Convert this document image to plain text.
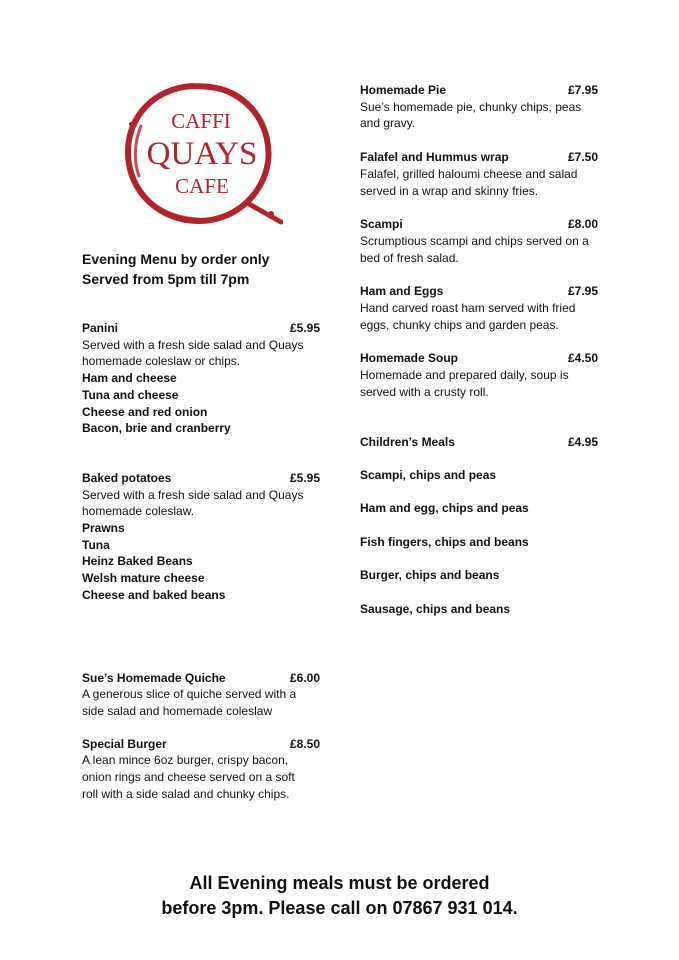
CAFFI
QUAYS
CAFE
Evening Menu by order only
Served from 5pm till 7pm
Panini	£5.95
Served with a fresh side salad and Quays
homemade coleslaw or chips.
Ham and cheese
Tuna and cheese
Cheese and red onion
Bacon, brie and cranberry
Baked potatoes	£5.95
Served with a fresh side salad and Quays
homemade coleslaw.
Prawns
Tuna
Heinz Baked Beans
Welsh mature cheese
Cheese and baked beans
Sue’s Homemade Quiche	£6.00
A generous slice of quiche served with a
side salad and homemade coleslaw
Special Burger	£8.50
A lean mince 6oz burger, crispy bacon,
onion rings and cheese served on a soft
roll with a side salad and chunky chips.
Homemade Pie	£7.95
Sue’s homemade pie, chunky chips, peas
and gravy.
Falafel and Hummus wrap	£7.50
Falafel, grilled haloumi cheese and salad
served in a wrap and skinny fries.
Scampi	£8.00
Scrumptious scampi and chips served on a
bed of fresh salad.
Ham and Eggs	£7.95
Hand carved roast ham served with fried
eggs, chunky chips and garden peas.
Homemade Soup	£4.50
Homemade and prepared daily, soup is
served with a crusty roll.
Children’s Meals	£4.95
Scampi, chips and peas
Ham and egg, chips and peas
Fish fingers, chips and beans
Burger, chips and beans
Sausage, chips and beans
All Evening meals must be ordered
before 3pm. Please call on 07867 931 014.
